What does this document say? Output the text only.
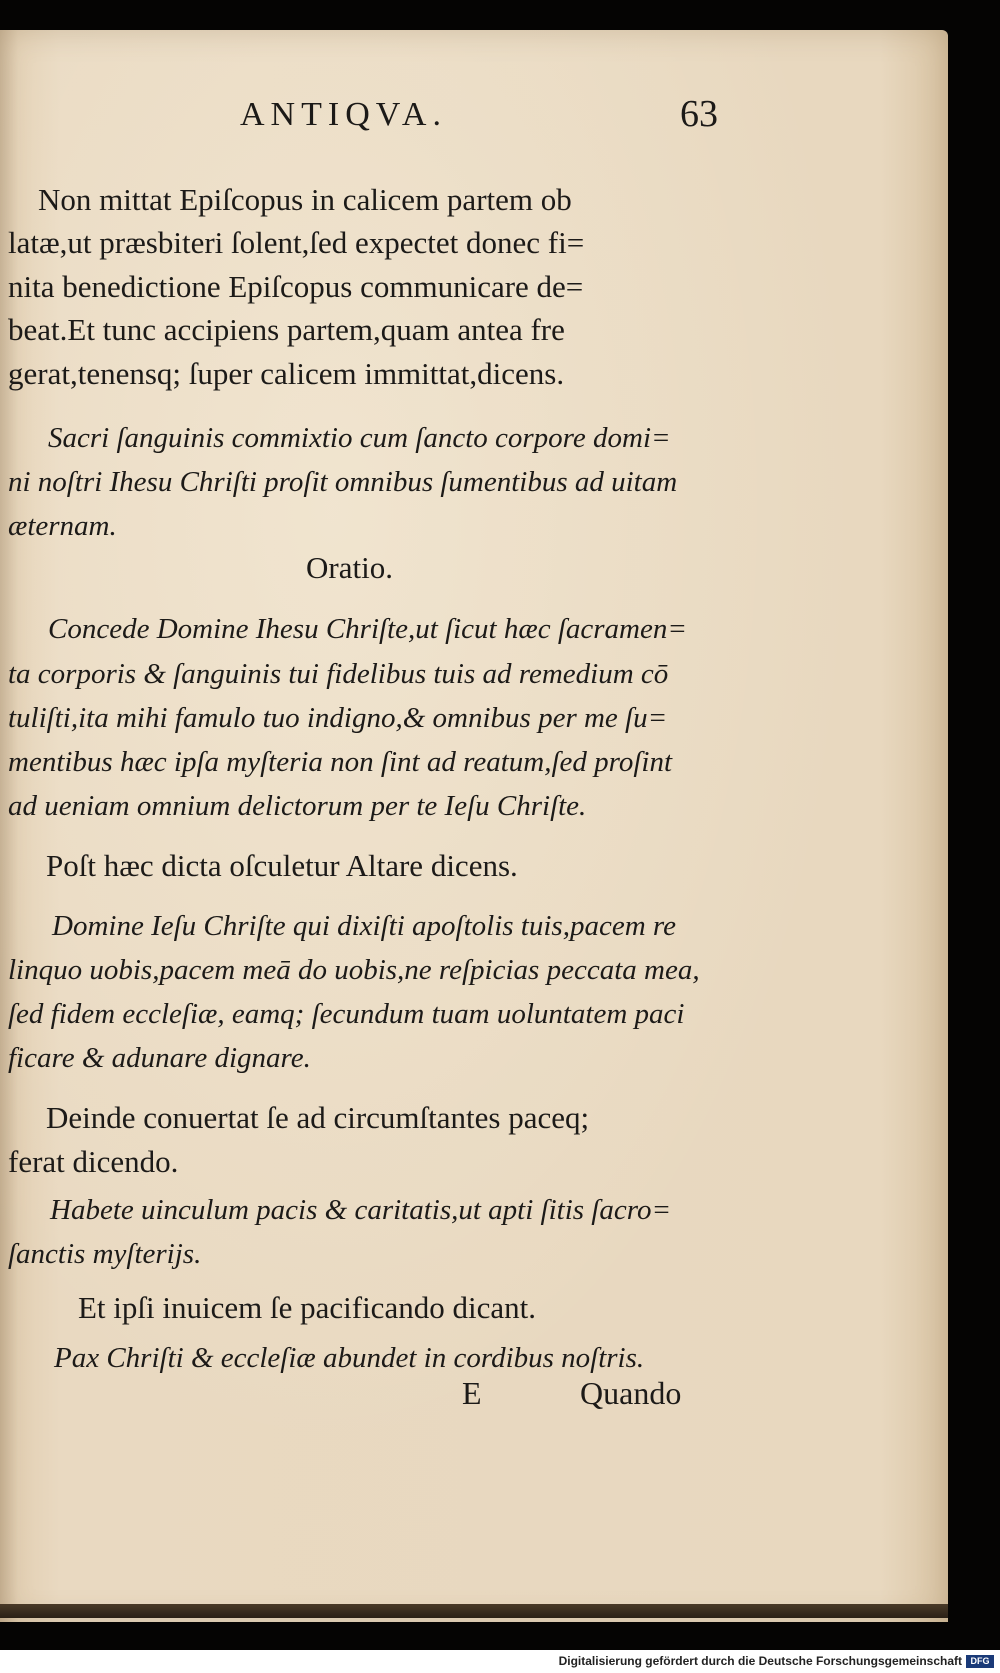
ANTIQVA.	63
Non mittat Epiſcopus in calicem partem ob
latæ,ut præsbiteri ſolent,ſed expectet donec fi=
nita benedictione Epiſcopus communicare de=
beat.Et tunc accipiens partem,quam antea fre
gerat,tenensq; ſuper calicem immittat,dicens.
Sacri ſanguinis commixtio cum ſancto corpore domi=
ni noſtri Ihesu Chriſti proſit omnibus ſumentibus ad uitam
æternam.
Oratio.
Concede Domine Ihesu Chriſte,ut ſicut hæc ſacramen=
ta corporis & ſanguinis tui fidelibus tuis ad remedium cō
tuliſti,ita mihi famulo tuo indigno,& omnibus per me ſu=
mentibus hæc ipſa myſteria non ſint ad reatum,ſed proſint
ad ueniam omnium delictorum per te Ieſu Chriſte.
Poſt hæc dicta oſculetur Altare dicens.
Domine Ieſu Chriſte qui dixiſti apoſtolis tuis,pacem re
linquo uobis,pacem meā do uobis,ne reſpicias peccata mea,
ſed fidem eccleſiæ, eamq; ſecundum tuam uoluntatem paci
ficare & adunare dignare.
Deinde conuertat ſe ad circumſtantes paceq;
ferat dicendo.
Habete uinculum pacis & caritatis,ut apti ſitis ſacro=
ſanctis myſterijs.
Et ipſi inuicem ſe pacificando dicant.
Pax Chriſti & eccleſiæ abundet in cordibus noſtris.
E	Quando
Digitalisierung gefördert durch die Deutsche Forschungsgemeinschaft DFG
